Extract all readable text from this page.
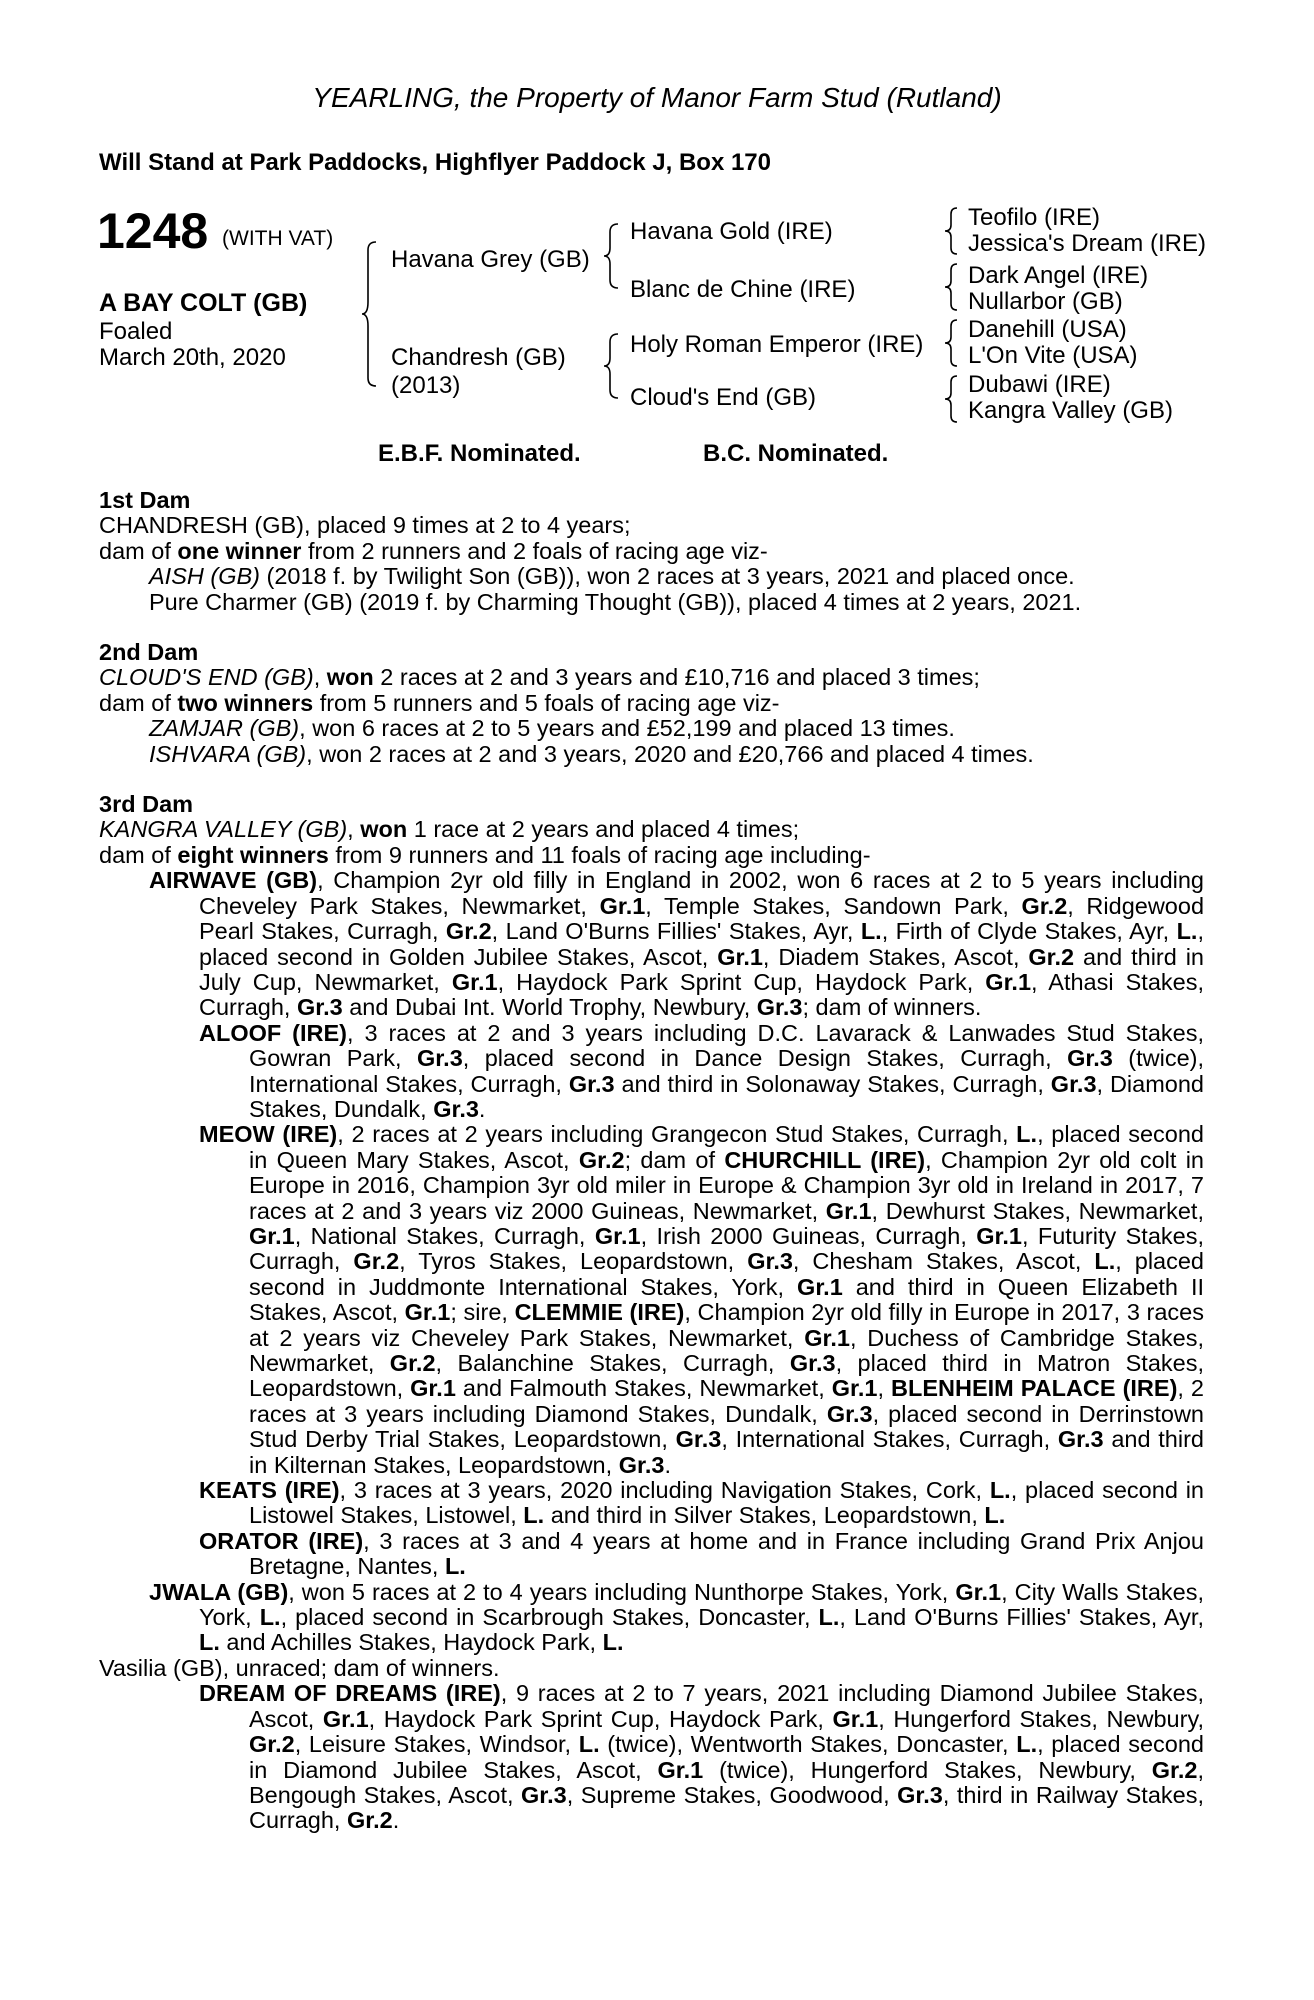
YEARLING, the Property of Manor Farm Stud (Rutland)
Will Stand at Park Paddocks, Highflyer Paddock J, Box 170
1248 (WITH VAT)
A BAY COLT (GB)
Foaled
March 20th, 2020
Havana Grey (GB)
Chandresh (GB)
(2013)
Havana Gold (IRE)
Blanc de Chine (IRE)
Holy Roman Emperor (IRE)
Cloud's End (GB)
Teofilo (IRE)
Jessica's Dream (IRE)
Dark Angel (IRE)
Nullarbor (GB)
Danehill (USA)
L'On Vite (USA)
Dubawi (IRE)
Kangra Valley (GB)
E.B.F. Nominated.	B.C. Nominated.
1st Dam
CHANDRESH (GB), placed 9 times at 2 to 4 years;
dam of one winner from 2 runners and 2 foals of racing age viz-
AISH (GB) (2018 f. by Twilight Son (GB)), won 2 races at 3 years, 2021 and placed once.
Pure Charmer (GB) (2019 f. by Charming Thought (GB)), placed 4 times at 2 years, 2021.
2nd Dam
CLOUD'S END (GB), won 2 races at 2 and 3 years and £10,716 and placed 3 times;
dam of two winners from 5 runners and 5 foals of racing age viz-
ZAMJAR (GB), won 6 races at 2 to 5 years and £52,199 and placed 13 times.
ISHVARA (GB), won 2 races at 2 and 3 years, 2020 and £20,766 and placed 4 times.
3rd Dam
KANGRA VALLEY (GB), won 1 race at 2 years and placed 4 times;
dam of eight winners from 9 runners and 11 foals of racing age including-
AIRWAVE (GB), Champion 2yr old filly in England in 2002, won 6 races at 2 to 5 years including Cheveley Park Stakes, Newmarket, Gr.1, Temple Stakes, Sandown Park, Gr.2, Ridgewood Pearl Stakes, Curragh, Gr.2, Land O'Burns Fillies' Stakes, Ayr, L., Firth of Clyde Stakes, Ayr, L., placed second in Golden Jubilee Stakes, Ascot, Gr.1, Diadem Stakes, Ascot, Gr.2 and third in July Cup, Newmarket, Gr.1, Haydock Park Sprint Cup, Haydock Park, Gr.1, Athasi Stakes, Curragh, Gr.3 and Dubai Int. World Trophy, Newbury, Gr.3; dam of winners.
ALOOF (IRE), 3 races at 2 and 3 years including D.C. Lavarack & Lanwades Stud Stakes, Gowran Park, Gr.3, placed second in Dance Design Stakes, Curragh, Gr.3 (twice), International Stakes, Curragh, Gr.3 and third in Solonaway Stakes, Curragh, Gr.3, Diamond Stakes, Dundalk, Gr.3.
MEOW (IRE), 2 races at 2 years including Grangecon Stud Stakes, Curragh, L., placed second in Queen Mary Stakes, Ascot, Gr.2; dam of CHURCHILL (IRE), Champion 2yr old colt in Europe in 2016, Champion 3yr old miler in Europe & Champion 3yr old in Ireland in 2017, 7 races at 2 and 3 years viz 2000 Guineas, Newmarket, Gr.1, Dewhurst Stakes, Newmarket, Gr.1, National Stakes, Curragh, Gr.1, Irish 2000 Guineas, Curragh, Gr.1, Futurity Stakes, Curragh, Gr.2, Tyros Stakes, Leopardstown, Gr.3, Chesham Stakes, Ascot, L., placed second in Juddmonte International Stakes, York, Gr.1 and third in Queen Elizabeth II Stakes, Ascot, Gr.1; sire, CLEMMIE (IRE), Champion 2yr old filly in Europe in 2017, 3 races at 2 years viz Cheveley Park Stakes, Newmarket, Gr.1, Duchess of Cambridge Stakes, Newmarket, Gr.2, Balanchine Stakes, Curragh, Gr.3, placed third in Matron Stakes, Leopardstown, Gr.1 and Falmouth Stakes, Newmarket, Gr.1, BLENHEIM PALACE (IRE), 2 races at 3 years including Diamond Stakes, Dundalk, Gr.3, placed second in Derrinstown Stud Derby Trial Stakes, Leopardstown, Gr.3, International Stakes, Curragh, Gr.3 and third in Kilternan Stakes, Leopardstown, Gr.3.
KEATS (IRE), 3 races at 3 years, 2020 including Navigation Stakes, Cork, L., placed second in Listowel Stakes, Listowel, L. and third in Silver Stakes, Leopardstown, L.
ORATOR (IRE), 3 races at 3 and 4 years at home and in France including Grand Prix Anjou Bretagne, Nantes, L.
JWALA (GB), won 5 races at 2 to 4 years including Nunthorpe Stakes, York, Gr.1, City Walls Stakes, York, L., placed second in Scarbrough Stakes, Doncaster, L., Land O'Burns Fillies' Stakes, Ayr, L. and Achilles Stakes, Haydock Park, L.
Vasilia (GB), unraced; dam of winners.
DREAM OF DREAMS (IRE), 9 races at 2 to 7 years, 2021 including Diamond Jubilee Stakes, Ascot, Gr.1, Haydock Park Sprint Cup, Haydock Park, Gr.1, Hungerford Stakes, Newbury, Gr.2, Leisure Stakes, Windsor, L. (twice), Wentworth Stakes, Doncaster, L., placed second in Diamond Jubilee Stakes, Ascot, Gr.1 (twice), Hungerford Stakes, Newbury, Gr.2, Bengough Stakes, Ascot, Gr.3, Supreme Stakes, Goodwood, Gr.3, third in Railway Stakes, Curragh, Gr.2.
